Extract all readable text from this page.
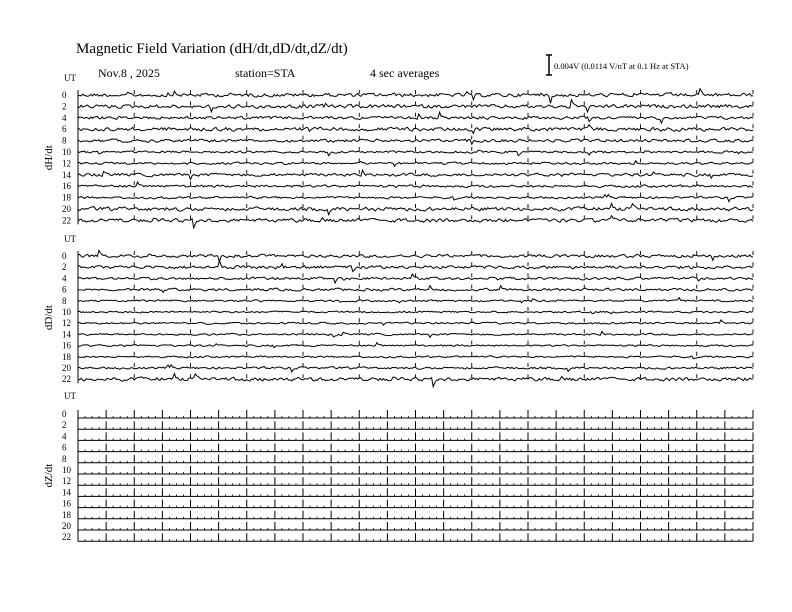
Magnetic Field Variation (dH/dt,dD/dt,dZ/dt)
Nov.8 , 2025	station=STA	4 sec averages	0.004V (0.0114 V/nT at 0.1 Hz at STA)
UT
dH/dt
0
2
4
6
8
10
12
14
16
18
20
22
UT
dD/dt
0
2
4
6
8
10
12
14
16
18
20
22
UT
dZ/dt
0
2
4
6
8
10
12
14
16
18
20
22
